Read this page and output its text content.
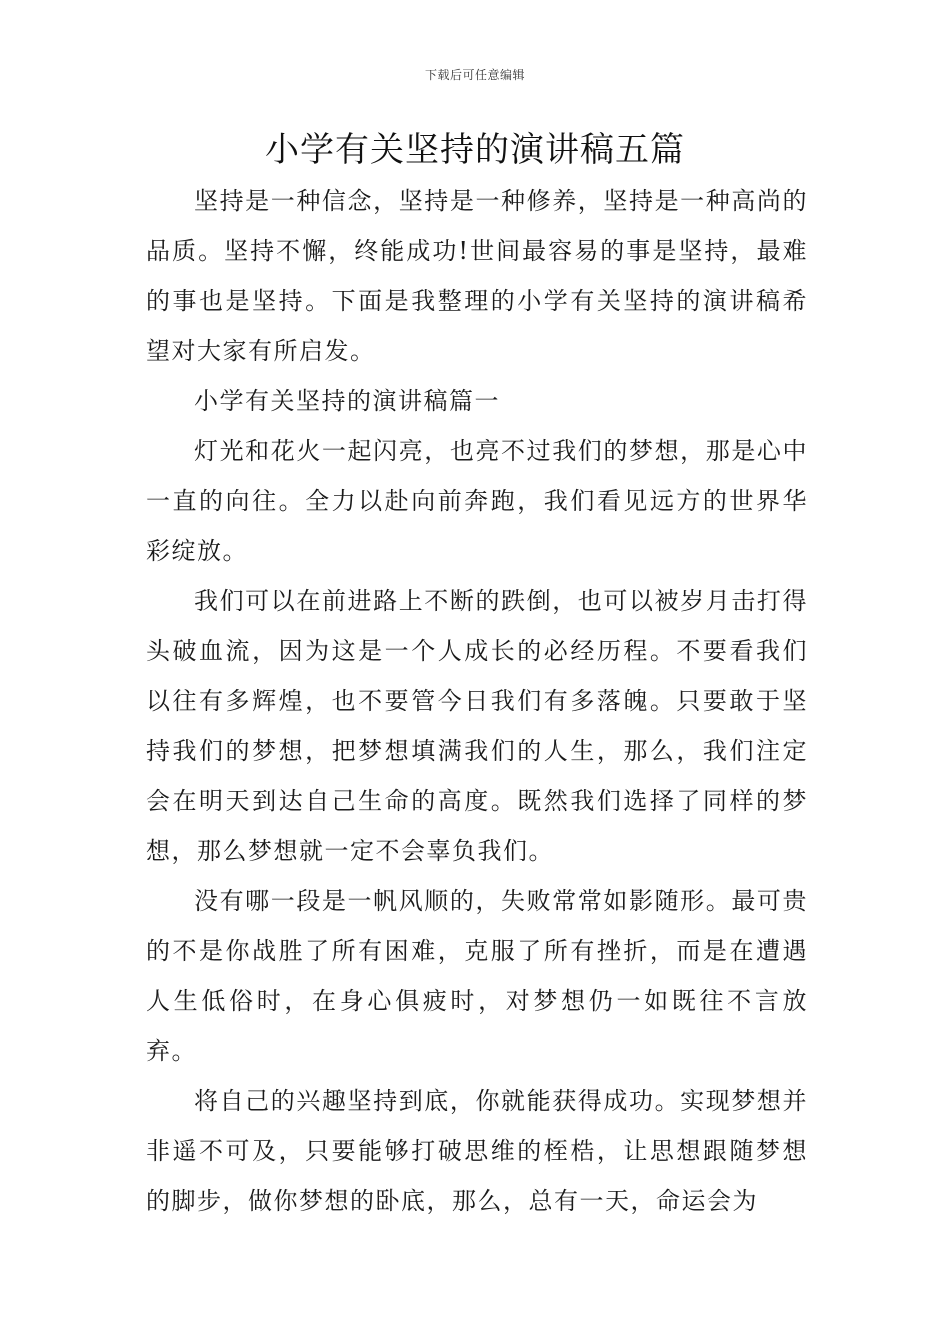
下载后可任意编辑
小学有关坚持的演讲稿五篇

坚持是一种信念，坚持是一种修养，坚持是一种高尚的品质。坚持不懈，终能成功!世间最容易的事是坚持，最难的事也是坚持。下面是我整理的小学有关坚持的演讲稿希望对大家有所启发。

小学有关坚持的演讲稿篇一

灯光和花火一起闪亮，也亮不过我们的梦想，那是心中一直的向往。全力以赴向前奔跑，我们看见远方的世界华彩绽放。

我们可以在前进路上不断的跌倒，也可以被岁月击打得头破血流，因为这是一个人成长的必经历程。不要看我们以往有多辉煌，也不要管今日我们有多落魄。只要敢于坚持我们的梦想，把梦想填满我们的人生，那么，我们注定会在明天到达自己生命的高度。既然我们选择了同样的梦想，那么梦想就一定不会辜负我们。

没有哪一段是一帆风顺的，失败常常如影随形。最可贵的不是你战胜了所有困难，克服了所有挫折，而是在遭遇人生低俗时，在身心俱疲时，对梦想仍一如既往不言放弃。

将自己的兴趣坚持到底，你就能获得成功。实现梦想并非遥不可及，只要能够打破思维的桎梏，让思想跟随梦想的脚步，做你梦想的卧底，那么，总有一天，命运会为
